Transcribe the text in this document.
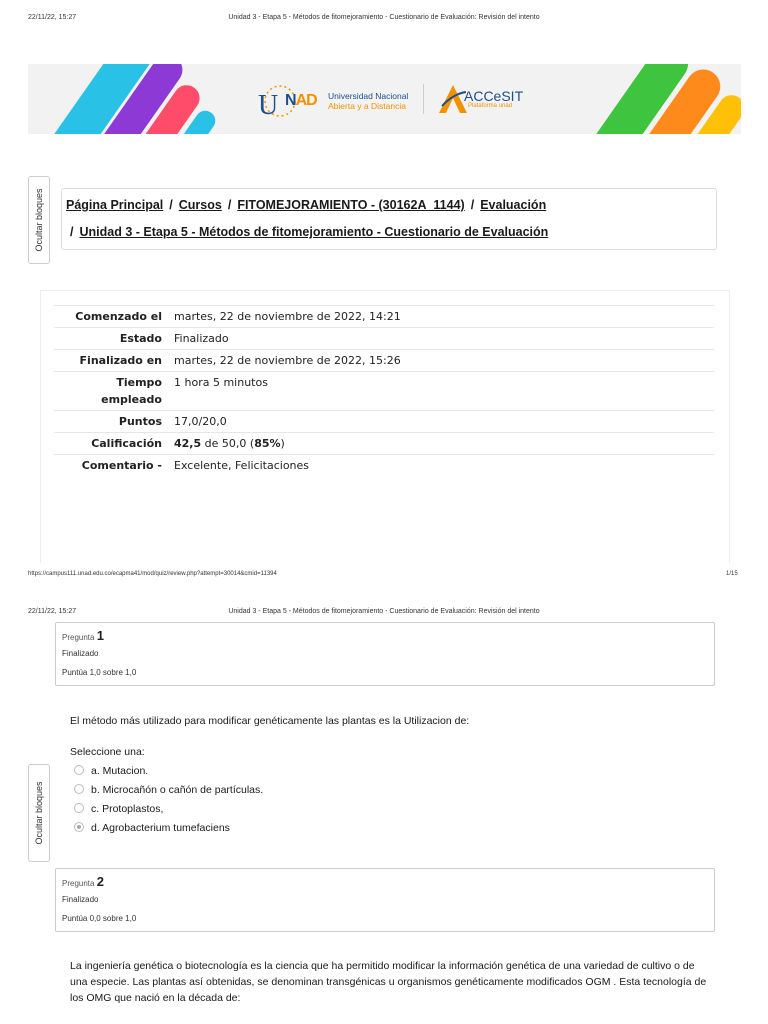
22/11/22, 15:27	Unidad 3 - Etapa 5 - Métodos de fitomejoramiento - Cuestionario de Evaluación: Revisión del intento
U NAD Universidad Nacional
Abierta y a Distancia
ACCeSIT
Plataforma unad
Ocultar bloques Página Principal / Cursos / FITOMEJORAMIENTO - (30162A_1144) / Evaluación
/ Unidad 3 - Etapa 5 - Métodos de fitomejoramiento - Cuestionario de Evaluación
Comenzado el	martes, 22 de noviembre de 2022, 14:21
Estado	Finalizado
Finalizado en	martes, 22 de noviembre de 2022, 15:26
Tiempo
empleado	1 hora 5 minutos
Puntos	17,0/20,0
Calificación	42,5 de 50,0 (85%)
Comentario -	Excelente, Felicitaciones
https://campus111.unad.edu.co/ecapma41/mod/quiz/review.php?attempt=30014&cmid=11394	1/15
22/11/22, 15:27	Unidad 3 - Etapa 5 - Métodos de fitomejoramiento - Cuestionario de Evaluación: Revisión del intento
Ocultar bloques
Pregunta 1
Finalizado
Puntúa 1,0 sobre 1,0
El método más utilizado para modificar genéticamente las plantas es la Utilizacion de:
Seleccione una:
a. Mutacion.
b. Microcañón o cañón de partículas.
c. Protoplastos,
d. Agrobacterium tumefaciens
Pregunta 2
Finalizado
Puntúa 0,0 sobre 1,0
La ingeniería genética o biotecnología es la ciencia que ha permitido modificar la información genética de una variedad de cultivo o de una especie. Las plantas así obtenidas, se denominan transgénicas u organismos genéticamente modificados OGM . Esta tecnología de los OMG que nació en la década de:
